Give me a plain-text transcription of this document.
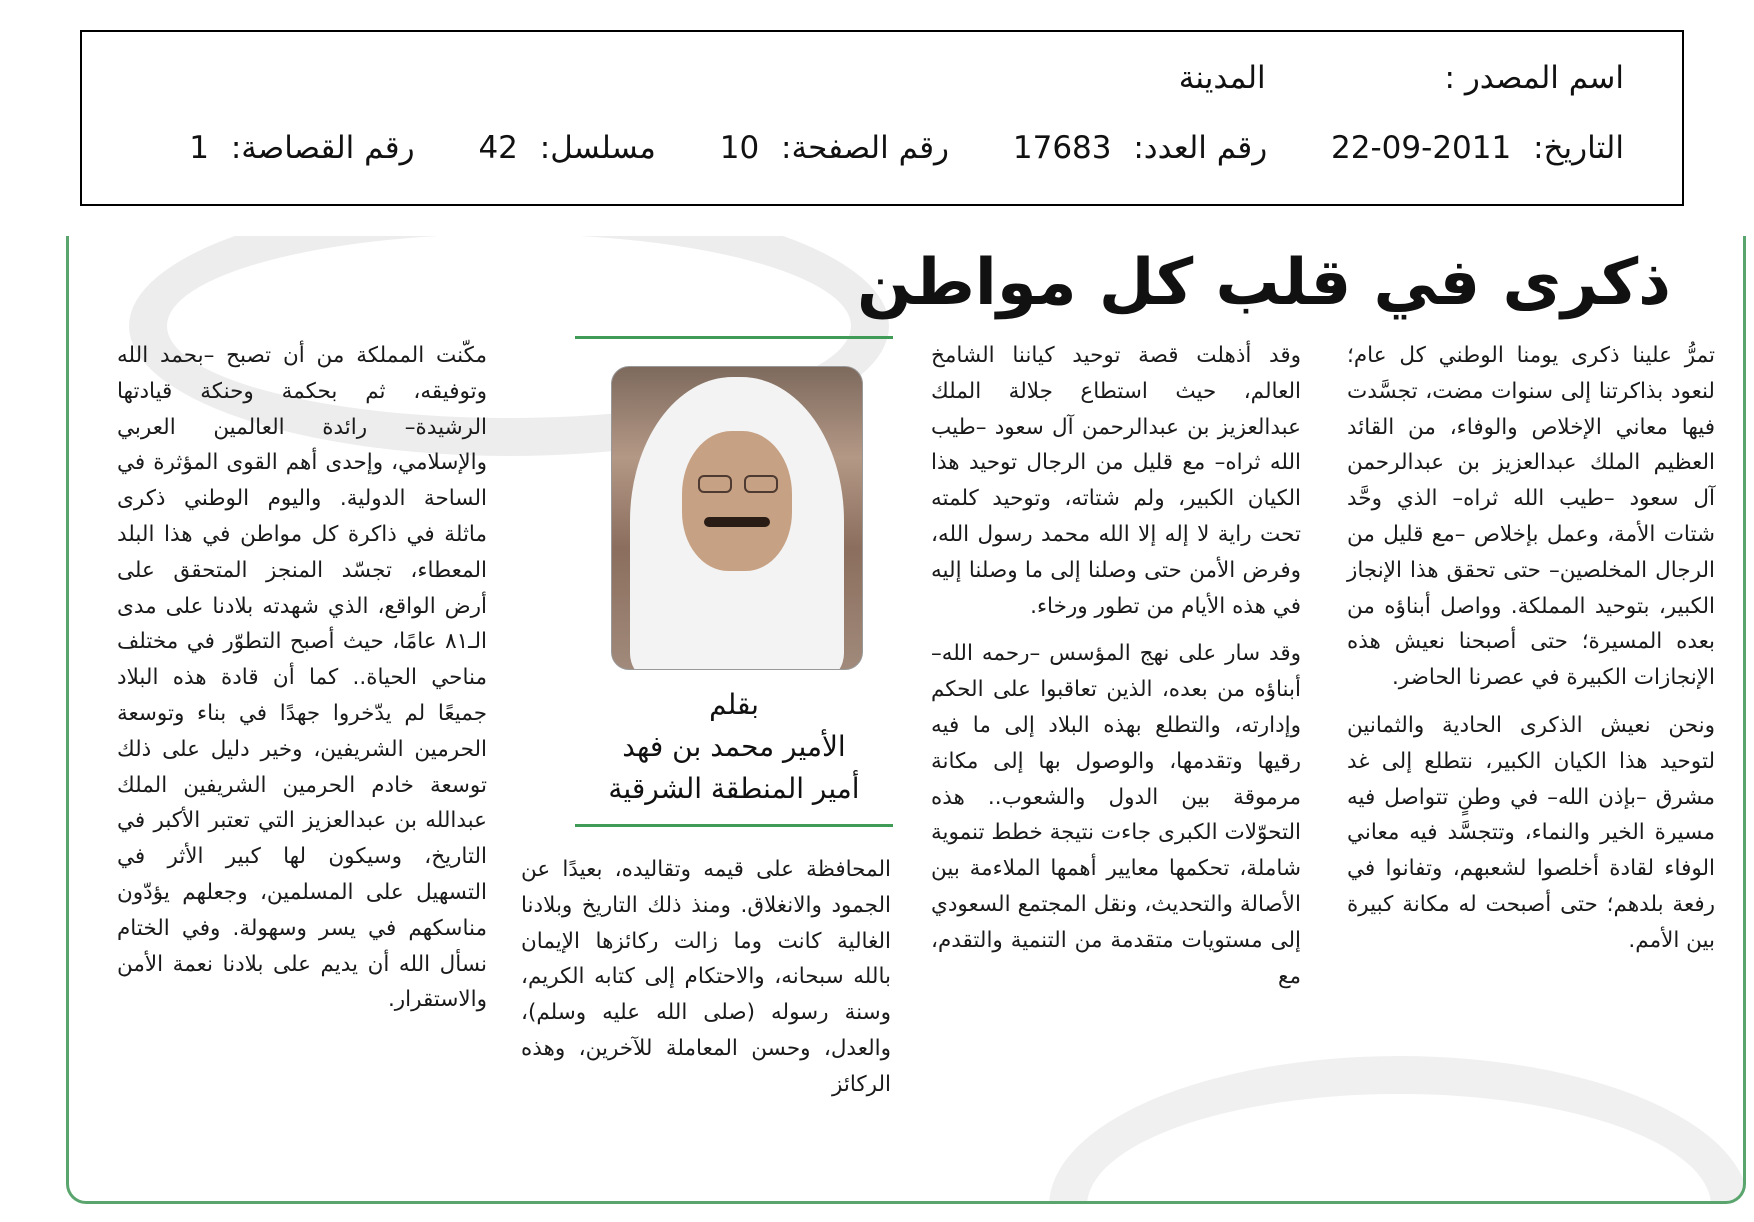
اسم المصدر : المدينة
التاريخ: 2011-09-22 رقم العدد: 17683 رقم الصفحة: 10 مسلسل: 42 رقم القصاصة: 1
ذكرى في قلب كل مواطن

تمرُّ علينا ذكرى يومنا الوطني كل عام؛ لنعود بذاكرتنا إلى سنوات مضت، تجسَّدت فيها معاني الإخلاص والوفاء، من القائد العظيم الملك عبدالعزيز بن عبدالرحمن آل سعود –طيب الله ثراه– الذي وحَّد شتات الأمة، وعمل بإخلاص –مع قليل من الرجال المخلصين– حتى تحقق هذا الإنجاز الكبير، بتوحيد المملكة. وواصل أبناؤه من بعده المسيرة؛ حتى أصبحنا نعيش هذه الإنجازات الكبيرة في عصرنا الحاضر.

ونحن نعيش الذكرى الحادية والثمانين لتوحيد هذا الكيان الكبير، نتطلع إلى غد مشرق –بإذن الله– في وطنٍ تتواصل فيه مسيرة الخير والنماء، وتتجسَّد فيه معاني الوفاء لقادة أخلصوا لشعبهم، وتفانوا في رفعة بلدهم؛ حتى أصبحت له مكانة كبيرة بين الأمم.

وقد أذهلت قصة توحيد كياننا الشامخ العالم، حيث استطاع جلالة الملك عبدالعزيز بن عبدالرحمن آل سعود –طيب الله ثراه– مع قليل من الرجال توحيد هذا الكيان الكبير، ولم شتاته، وتوحيد كلمته تحت راية لا إله إلا الله محمد رسول الله، وفرض الأمن حتى وصلنا إلى ما وصلنا إليه في هذه الأيام من تطور ورخاء.

وقد سار على نهج المؤسس –رحمه الله– أبناؤه من بعده، الذين تعاقبوا على الحكم وإدارته، والتطلع بهذه البلاد إلى ما فيه رقيها وتقدمها، والوصول بها إلى مكانة مرموقة بين الدول والشعوب.. هذه التحوّلات الكبرى جاءت نتيجة خطط تنموية شاملة، تحكمها معايير أهمها الملاءمة بين الأصالة والتحديث، ونقل المجتمع السعودي إلى مستويات متقدمة من التنمية والتقدم، مع

بقلم
الأمير محمد بن فهد
أمير المنطقة الشرقية

المحافظة على قيمه وتقاليده، بعيدًا عن الجمود والانغلاق. ومنذ ذلك التاريخ وبلادنا الغالية كانت وما زالت ركائزها الإيمان بالله سبحانه، والاحتكام إلى كتابه الكريم، وسنة رسوله (صلى الله عليه وسلم)، والعدل، وحسن المعاملة للآخرين، وهذه الركائز

مكّنت المملكة من أن تصبح –بحمد الله وتوفيقه، ثم بحكمة وحنكة قيادتها الرشيدة– رائدة العالمين العربي والإسلامي، وإحدى أهم القوى المؤثرة في الساحة الدولية. واليوم الوطني ذكرى ماثلة في ذاكرة كل مواطن في هذا البلد المعطاء، تجسّد المنجز المتحقق على أرض الواقع، الذي شهدته بلادنا على مدى الـ٨١ عامًا، حيث أصبح التطوّر في مختلف مناحي الحياة.. كما أن قادة هذه البلاد جميعًا لم يدّخروا جهدًا في بناء وتوسعة الحرمين الشريفين، وخير دليل على ذلك توسعة خادم الحرمين الشريفين الملك عبدالله بن عبدالعزيز التي تعتبر الأكبر في التاريخ، وسيكون لها كبير الأثر في التسهيل على المسلمين، وجعلهم يؤدّون مناسكهم في يسر وسهولة. وفي الختام نسأل الله أن يديم على بلادنا نعمة الأمن والاستقرار.
